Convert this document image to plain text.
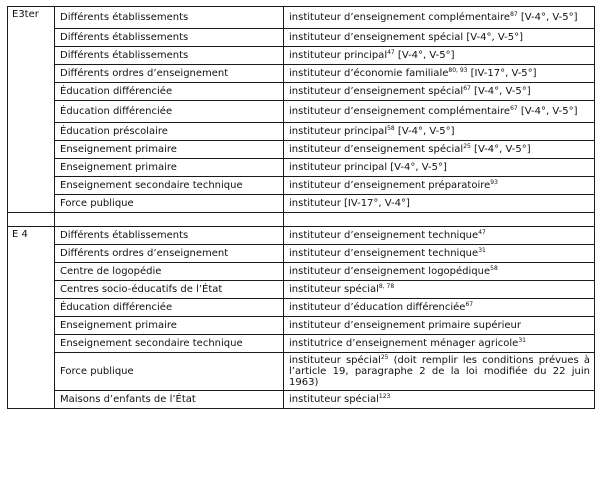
E3ter	Différents établissements	instituteur d’enseignement complémentaire$^{87}$ [V-4°, V-5°]
	Différents établissements	instituteur d’enseignement spécial [V-4°, V-5°]
	Différents établissements	instituteur principal$^{47}$ [V-4°, V-5°]
	Différents ordres d’enseignement	instituteur d’économie familiale$^{80, 93}$ [IV-17°, V-5°]
	Éducation différenciée	instituteur d’enseignement spécial$^{67}$ [V-4°, V-5°]
	Éducation différenciée	instituteur d’enseignement complémentaire$^{67}$ [V-4°, V-5°]
	Éducation préscolaire	instituteur principal$^{58}$ [V-4°, V-5°]
	Enseignement primaire	instituteur d’enseignement spécial$^{25}$ [V-4°, V-5°]
	Enseignement primaire	instituteur principal [V-4°, V-5°]
	Enseignement secondaire technique	instituteur d’enseignement préparatoire$^{93}$
	Force publique	instituteur [IV-17°, V-4°]

E 4	Différents établissements	instituteur d’enseignement technique$^{47}$
	Différents ordres d’enseignement	instituteur d’enseignement technique$^{31}$
	Centre de logopédie	instituteur d’enseignement logopédique$^{58}$
	Centres socio-éducatifs de l’État	instituteur spécial$^{8, 78}$
	Éducation différenciée	instituteur d’éducation différenciée$^{67}$
	Enseignement primaire	instituteur d’enseignement primaire supérieur
	Enseignement secondaire technique	institutrice d’enseignement ménager agricole$^{31}$
	Force publique	instituteur spécial$^{25}$ (doit remplir les conditions prévues à l’article 19, paragraphe 2 de la loi modifiée du 22 juin 1963)
	Maisons d’enfants de l’État	instituteur spécial$^{123}$
